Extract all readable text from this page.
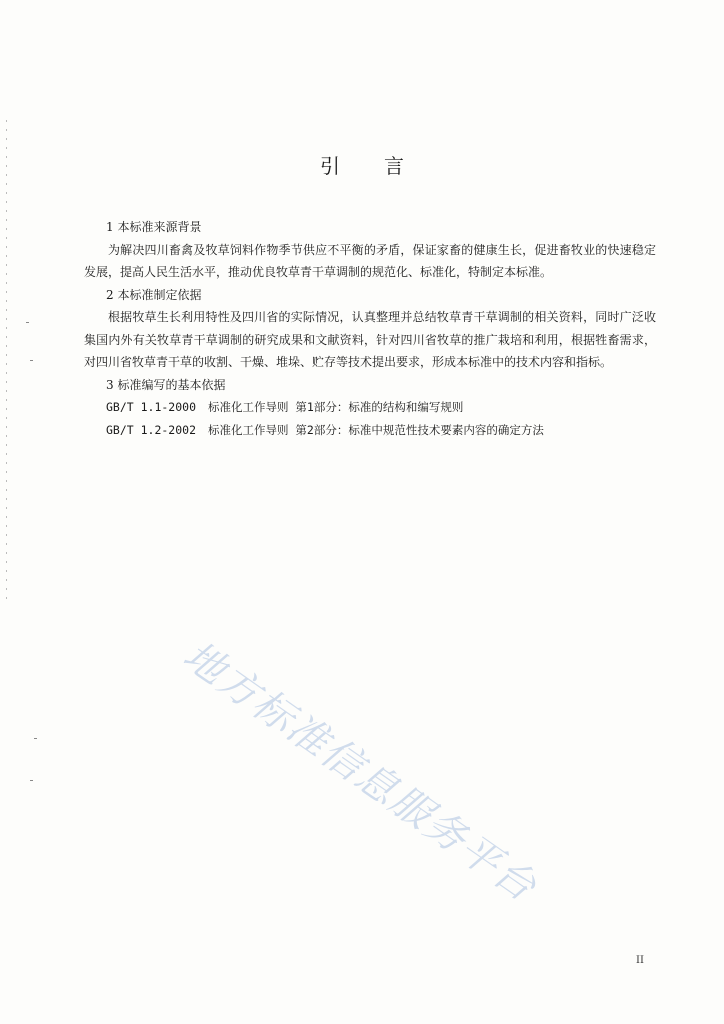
引 言
1 本标准来源背景
为解决四川畜禽及牧草饲料作物季节供应不平衡的矛盾，保证家畜的健康生长，促进畜牧业的快速稳定发展，提高人民生活水平，推动优良牧草青干草调制的规范化、标准化，特制定本标准。
2 本标准制定依据
根据牧草生长利用特性及四川省的实际情况，认真整理并总结牧草青干草调制的相关资料，同时广泛收集国内外有关牧草青干草调制的研究成果和文献资料，针对四川省牧草的推广栽培和利用，根据牲畜需求，对四川省牧草青干草的收割、干燥、堆垛、贮存等技术提出要求，形成本标准中的技术内容和指标。
3 标准编写的基本依据
GB/T 1.1-2000 标准化工作导则 第1部分：标准的结构和编写规则
GB/T 1.2-2002 标准化工作导则 第2部分：标准中规范性技术要素内容的确定方法
地方标准信息服务平台
II
